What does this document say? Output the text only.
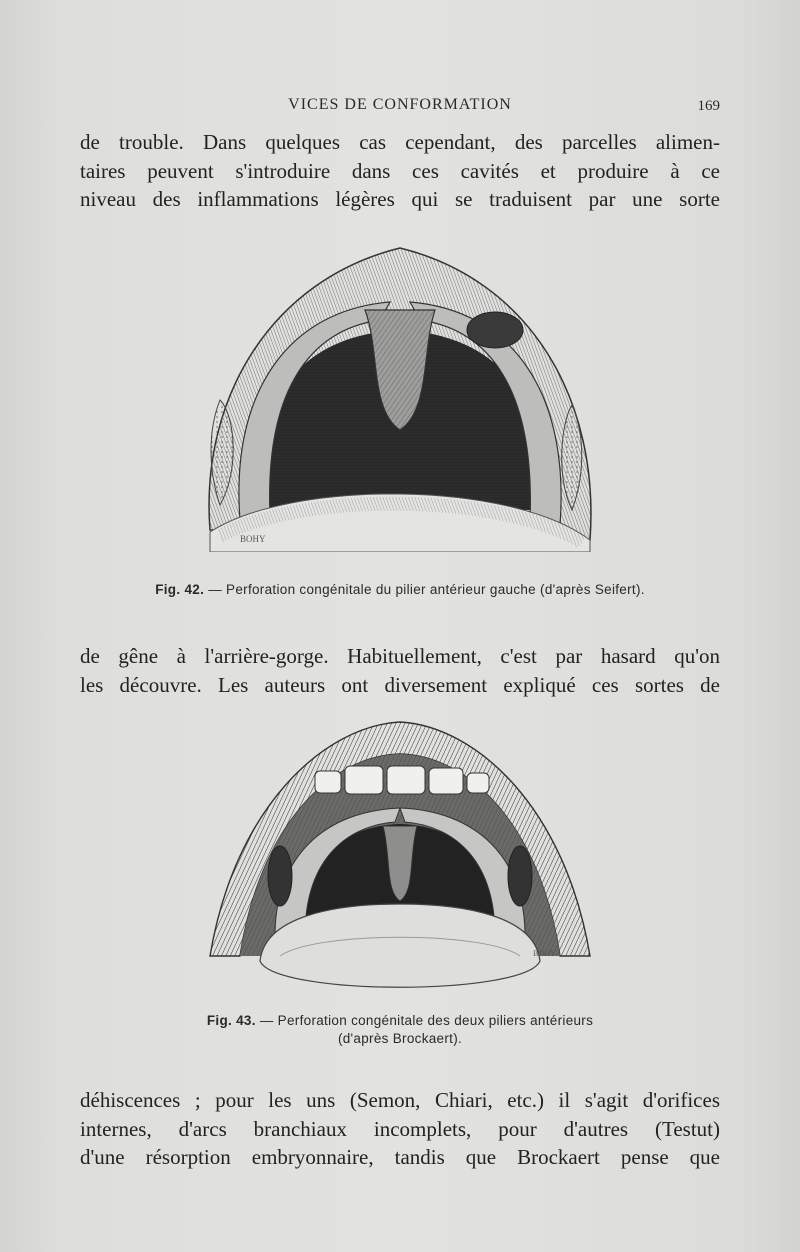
VICES DE CONFORMATION	169
de trouble. Dans quelques cas cependant, des parcelles alimen-
taires peuvent s'introduire dans ces cavités et produire à ce
niveau des inflammations légères qui se traduisent par une sorte
BOHY
Fig. 42. — Perforation congénitale du pilier antérieur gauche (d'après Seifert).
de gêne à l'arrière-gorge. Habituellement, c'est par hasard qu'on
les découvre. Les auteurs ont diversement expliqué ces sortes de
BOHY
Fig. 43. — Perforation congénitale des deux piliers antérieurs
(d'après Brockaert).
déhiscences ; pour les uns (Semon, Chiari, etc.) il s'agit d'orifices
internes, d'arcs branchiaux incomplets, pour d'autres (Testut)
d'une résorption embryonnaire, tandis que Brockaert pense que
